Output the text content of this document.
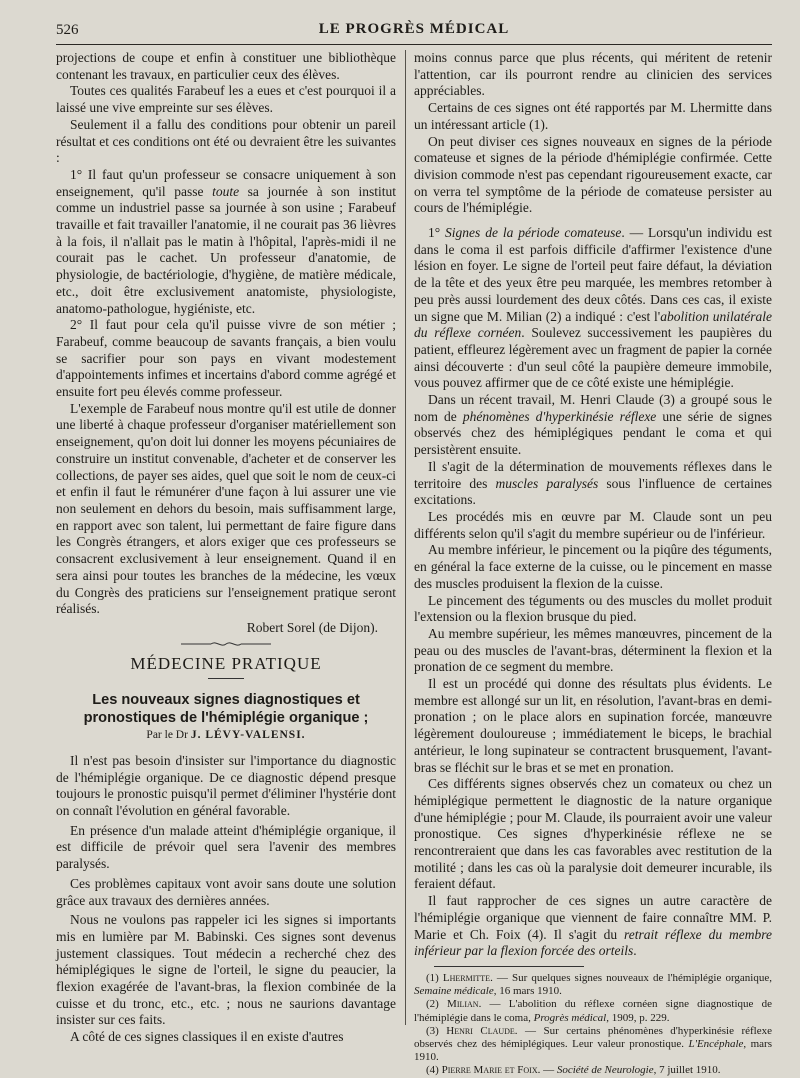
526	LE PROGRÈS MÉDICAL

projections de coupe et enfin à constituer une bibliothèque contenant les travaux, en particulier ceux des élèves.

Toutes ces qualités Farabeuf les a eues et c'est pourquoi il a laissé une vive empreinte sur ses élèves.

Seulement il a fallu des conditions pour obtenir un pareil résultat et ces conditions ont été ou devraient être les suivantes :

1° Il faut qu'un professeur se consacre uniquement à son enseignement, qu'il passe toute sa journée à son institut comme un industriel passe sa journée à son usine ; Farabeuf travaille et fait travailler l'anatomie, il ne courait pas 36 lièvres à la fois, il n'allait pas le matin à l'hôpital, l'après-midi il ne courait pas le cachet. Un professeur d'anatomie, de physiologie, de bactériologie, d'hygiène, de matière médicale, etc., doit être exclusivement anatomiste, physiologiste, anatomo-pathologue, hygiéniste, etc.

2° Il faut pour cela qu'il puisse vivre de son métier ; Farabeuf, comme beaucoup de savants français, a bien voulu se sacrifier pour son pays en vivant modestement d'appointements infimes et incertains d'abord comme agrégé et ensuite fort peu élevés comme professeur.

L'exemple de Farabeuf nous montre qu'il est utile de donner une liberté à chaque professeur d'organiser matériellement son enseignement, qu'on doit lui donner les moyens pécuniaires de construire un institut convenable, d'acheter et de conserver les collections, de payer ses aides, quel que soit le nom de ceux-ci et enfin il faut le rémunérer d'une façon à lui assurer une vie non seulement en dehors du besoin, mais suffisamment large, en rapport avec son talent, lui permettant de faire figure dans les Congrès étrangers, et alors exiger que ces professeurs se consacrent exclusivement à leur enseignement. Quand il en sera ainsi pour toutes les branches de la médecine, les vœux du Congrès des praticiens sur l'enseignement pratique seront réalisés.

Robert Sorel (de Dijon).
MÉDECINE PRATIQUE
Les nouveaux signes diagnostiques et pronostiques de l'hémiplégie organique ;
Par le Dr J. LÉVY-VALENSI.

Il n'est pas besoin d'insister sur l'importance du diagnostic de l'hémiplégie organique. De ce diagnostic dépend presque toujours le pronostic puisqu'il permet d'éliminer l'hystérie dont on connaît l'évolution en général favorable.

En présence d'un malade atteint d'hémiplégie organique, il est difficile de prévoir quel sera l'avenir des membres paralysés.

Ces problèmes capitaux vont avoir sans doute une solution grâce aux travaux des dernières années.

Nous ne voulons pas rappeler ici les signes si importants mis en lumière par M. Babinski. Ces signes sont devenus justement classiques. Tout médecin a recherché chez des hémiplégiques le signe de l'orteil, le signe du peaucier, la flexion exagérée de l'avant-bras, la flexion combinée de la cuisse et du tronc, etc., etc. ; nous ne saurions davantage insister sur ces faits.

A côté de ces signes classiques il en existe d'autres

moins connus parce que plus récents, qui méritent de retenir l'attention, car ils pourront rendre au clinicien des services appréciables.

Certains de ces signes ont été rapportés par M. Lhermitte dans un intéressant article (1).

On peut diviser ces signes nouveaux en signes de la période comateuse et signes de la période d'hémiplégie confirmée. Cette division commode n'est pas cependant rigoureusement exacte, car on verra tel symptôme de la période de comateuse persister au cours de l'hémiplégie.

1° Signes de la période comateuse. — Lorsqu'un individu est dans le coma il est parfois difficile d'affirmer l'existence d'une lésion en foyer. Le signe de l'orteil peut faire défaut, la déviation de la tête et des yeux être peu marquée, les membres retomber à peu près aussi lourdement des deux côtés. Dans ces cas, il existe un signe que M. Milian (2) a indiqué : c'est l'abolition unilatérale du réflexe cornéen. Soulevez successivement les paupières du patient, effleurez légèrement avec un fragment de papier la cornée ainsi découverte : d'un seul côté la paupière demeure immobile, vous pouvez affirmer que de ce côté existe une hémiplégie.

Dans un récent travail, M. Henri Claude (3) a groupé sous le nom de phénomènes d'hyperkinésie réflexe une série de signes observés chez des hémiplégiques pendant le coma et qui persistèrent ensuite.

Il s'agit de la détermination de mouvements réflexes dans le territoire des muscles paralysés sous l'influence de certaines excitations.

Les procédés mis en œuvre par M. Claude sont un peu différents selon qu'il s'agit du membre supérieur ou de l'inférieur.

Au membre inférieur, le pincement ou la piqûre des téguments, en général la face externe de la cuisse, ou le pincement en masse des muscles produisent la flexion de la cuisse.

Le pincement des téguments ou des muscles du mollet produit l'extension ou la flexion brusque du pied.

Au membre supérieur, les mêmes manœuvres, pincement de la peau ou des muscles de l'avant-bras, déterminent la flexion et la pronation de ce segment du membre.

Il est un procédé qui donne des résultats plus évidents. Le membre est allongé sur un lit, en résolution, l'avant-bras en demi-pronation ; on le place alors en supination forcée, manœuvre légèrement douloureuse ; immédiatement le biceps, le brachial antérieur, le long supinateur se contractent brusquement, l'avant-bras se fléchit sur le bras et se met en pronation.

Ces différents signes observés chez un comateux ou chez un hémiplégique permettent le diagnostic de la nature organique d'une hémiplégie ; pour M. Claude, ils pourraient avoir une valeur pronostique. Ces signes d'hyperkinésie réflexe ne se rencontreraient que dans les cas favorables avec restitution de la motilité ; dans les cas où la paralysie doit demeurer incurable, ils feraient défaut.

Il faut rapprocher de ces signes un autre caractère de l'hémiplégie organique que viennent de faire connaître MM. P. Marie et Ch. Foix (4). Il s'agit du retrait réflexe du membre inférieur par la flexion forcée des orteils.

(1) Lhermitte. — Sur quelques signes nouveaux de l'hémiplégie organique, Semaine médicale, 16 mars 1910.

(2) Milian. — L'abolition du réflexe cornéen signe diagnostique de l'hémiplégie dans le coma, Progrès médical, 1909, p. 229.

(3) Henri Claude. — Sur certains phénomènes d'hyperkinésie réflexe observés chez des hémiplégiques. Leur valeur pronostique. L'Encéphale, mars 1910.

(4) Pierre Marie et Foix. — Société de Neurologie, 7 juillet 1910.
